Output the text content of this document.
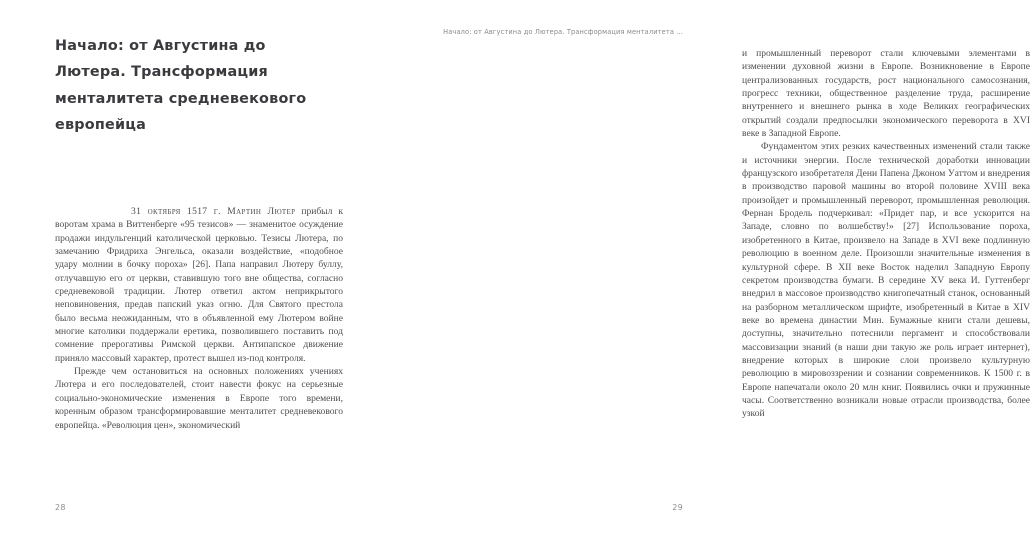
Начало: от Августина до Лютера. Трансформация менталитета средневекового европейца

31 октября 1517 г. Мартин Лютер прибыл к воротам храма в Виттенберге «95 тезисов» — знаменитое осуждение продажи индульгенций католической церковью. Тезисы Лютера, по замечанию Фридриха Энгельса, оказали воздействие, «подобное удару молнии в бочку пороха» [26]. Папа направил Лютеру буллу, отлучавшую его от церкви, ставившую того вне общества, согласно средневековой традиции. Лютер ответил актом неприкрытого неповиновения, предав папский указ огню. Для Святого престола было весьма неожиданным, что в объявленной ему Лютером войне многие католики поддержали еретика, позволившего поставить под сомнение прерогативы Римской церкви. Антипапское движение приняло массовый характер, протест вышел из-под контроля.

Прежде чем остановиться на основных положениях учениях Лютера и его последователей, стоит навести фокус на серьезные социально-экономические изменения в Европе того времени, коренным образом трансформировавшие менталитет средневекового европейца. «Революция цен», экономический

28
Начало: от Августина до Лютера. Трансформация менталитета ...

и промышленный переворот стали ключевыми элементами в изменении духовной жизни в Европе. Возникновение в Европе централизованных государств, рост национального самосознания, прогресс техники, общественное разделение труда, расширение внутреннего и внешнего рынка в ходе Великих географических открытий создали предпосылки экономического переворота в XVI веке в Западной Европе.

Фундаментом этих резких качественных изменений стали также и источники энергии. После технической доработки инновации французского изобретателя Дени Папена Джоном Уаттом и внедрения в производство паровой машины во второй половине XVIII века произойдет и промышленный переворот, промышленная революция. Фернан Бродель подчеркивал: «Придет пар, и все ускорится на Западе, словно по волшебству!» [27] Использование пороха, изобретенного в Китае, произвело на Западе в XVI веке подлинную революцию в военном деле. Произошли значительные изменения в культурной сфере. В XII веке Восток наделил Западную Европу секретом производства бумаги. В середине XV века И. Гуттенберг внедрил в массовое производство книгопечатный станок, основанный на разборном металлическом шрифте, изобретенный в Китае в XIV веке во времена династии Мин. Бумажные книги стали дешевы, доступны, значительно потеснили пергамент и способствовали массовизации знаний (в наши дни такую же роль играет интернет), внедрение которых в широкие слои произвело культурную революцию в мировоззрении и сознании современников. К 1500 г. в Европе напечатали около 20 млн книг. Появились очки и пружинные часы. Соответственно возникали новые отрасли производства, более узкой

29
